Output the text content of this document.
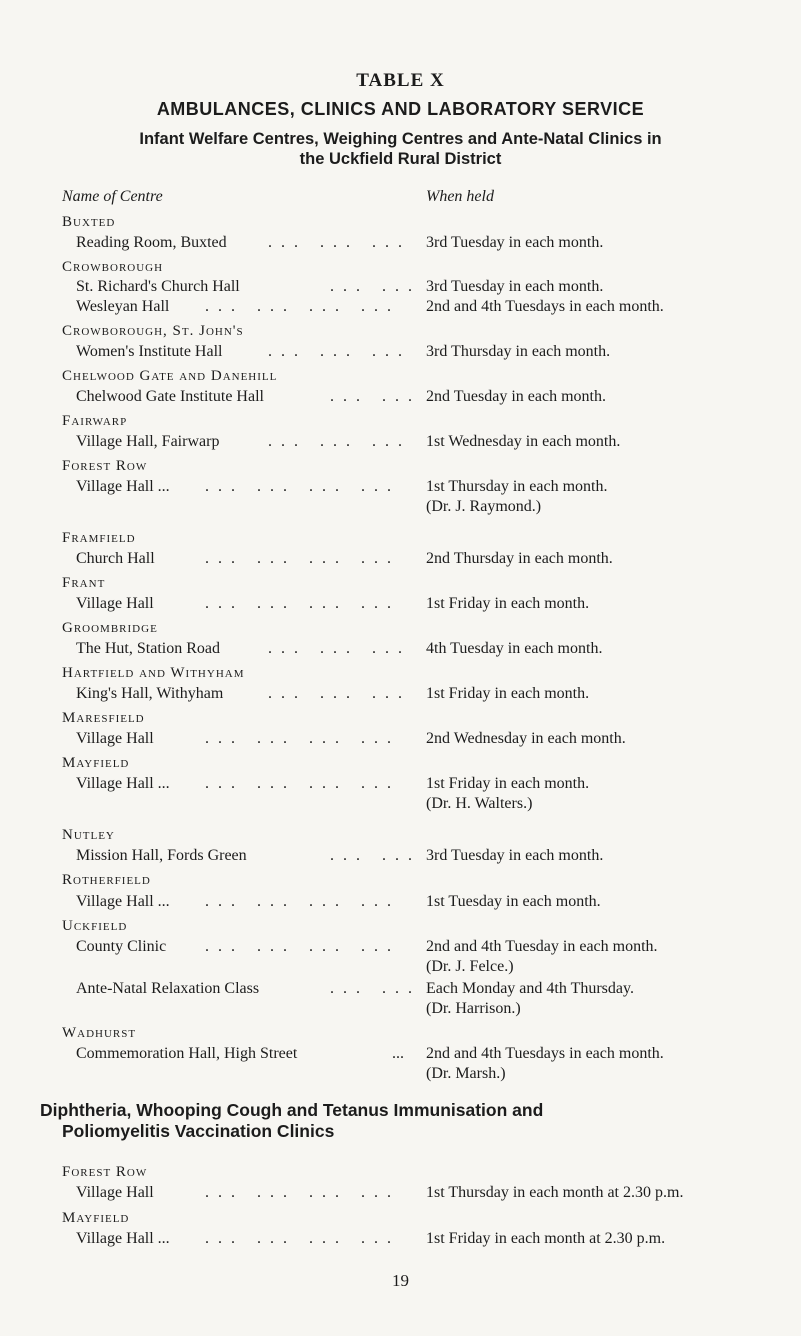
TABLE X
AMBULANCES, CLINICS AND LABORATORY SERVICE
Infant Welfare Centres, Weighing Centres and Ante-Natal Clinics in
the Uckfield Rural District
Name of Centre	When held
Buxted
Reading Room, Buxted	... ... ... 3rd Tuesday in each month.
Crowborough
St. Richard's Church Hall	... ... 3rd Tuesday in each month.
Wesleyan Hall ... ... ... ... 2nd and 4th Tuesdays in each month.
Crowborough, St. John's
Women's Institute Hall	... ... ... 3rd Thursday in each month.
Chelwood Gate and Danehill
Chelwood Gate Institute Hall	... ... 2nd Tuesday in each month.
Fairwarp
Village Hall, Fairwarp	... ... ... 1st Wednesday in each month.
Forest Row
Village Hall ... ... ... ... ... 1st Thursday in each month.
(Dr. J. Raymond.)
Framfield
Church Hall	... ... ... ... 2nd Thursday in each month.
Frant
Village Hall	... ... ... ... 1st Friday in each month.
Groombridge
The Hut, Station Road	... ... ... 4th Tuesday in each month.
Hartfield and Withyham
King's Hall, Withyham	... ... ... 1st Friday in each month.
Maresfield
Village Hall	... ... ... ... 2nd Wednesday in each month.
Mayfield
Village Hall ... ... ... ... ... 1st Friday in each month.
(Dr. H. Walters.)
Nutley
Mission Hall, Fords Green	... ... 3rd Tuesday in each month.
Rotherfield
Village Hall ... ... ... ... ... 1st Tuesday in each month.
Uckfield
County Clinic ... ... ... ... 2nd and 4th Tuesday in each month.
(Dr. J. Felce.)
Ante-Natal Relaxation Class	... ... Each Monday and 4th Thursday.
(Dr. Harrison.)
Wadhurst
Commemoration Hall, High Street	... 2nd and 4th Tuesdays in each month.
(Dr. Marsh.)
Diphtheria, Whooping Cough and Tetanus Immunisation and
Poliomyelitis Vaccination Clinics
Forest Row
Village Hall	... ... ... ... 1st Thursday in each month at 2.30 p.m.
Mayfield
Village Hall ... ... ... ... ... 1st Friday in each month at 2.30 p.m.
19
